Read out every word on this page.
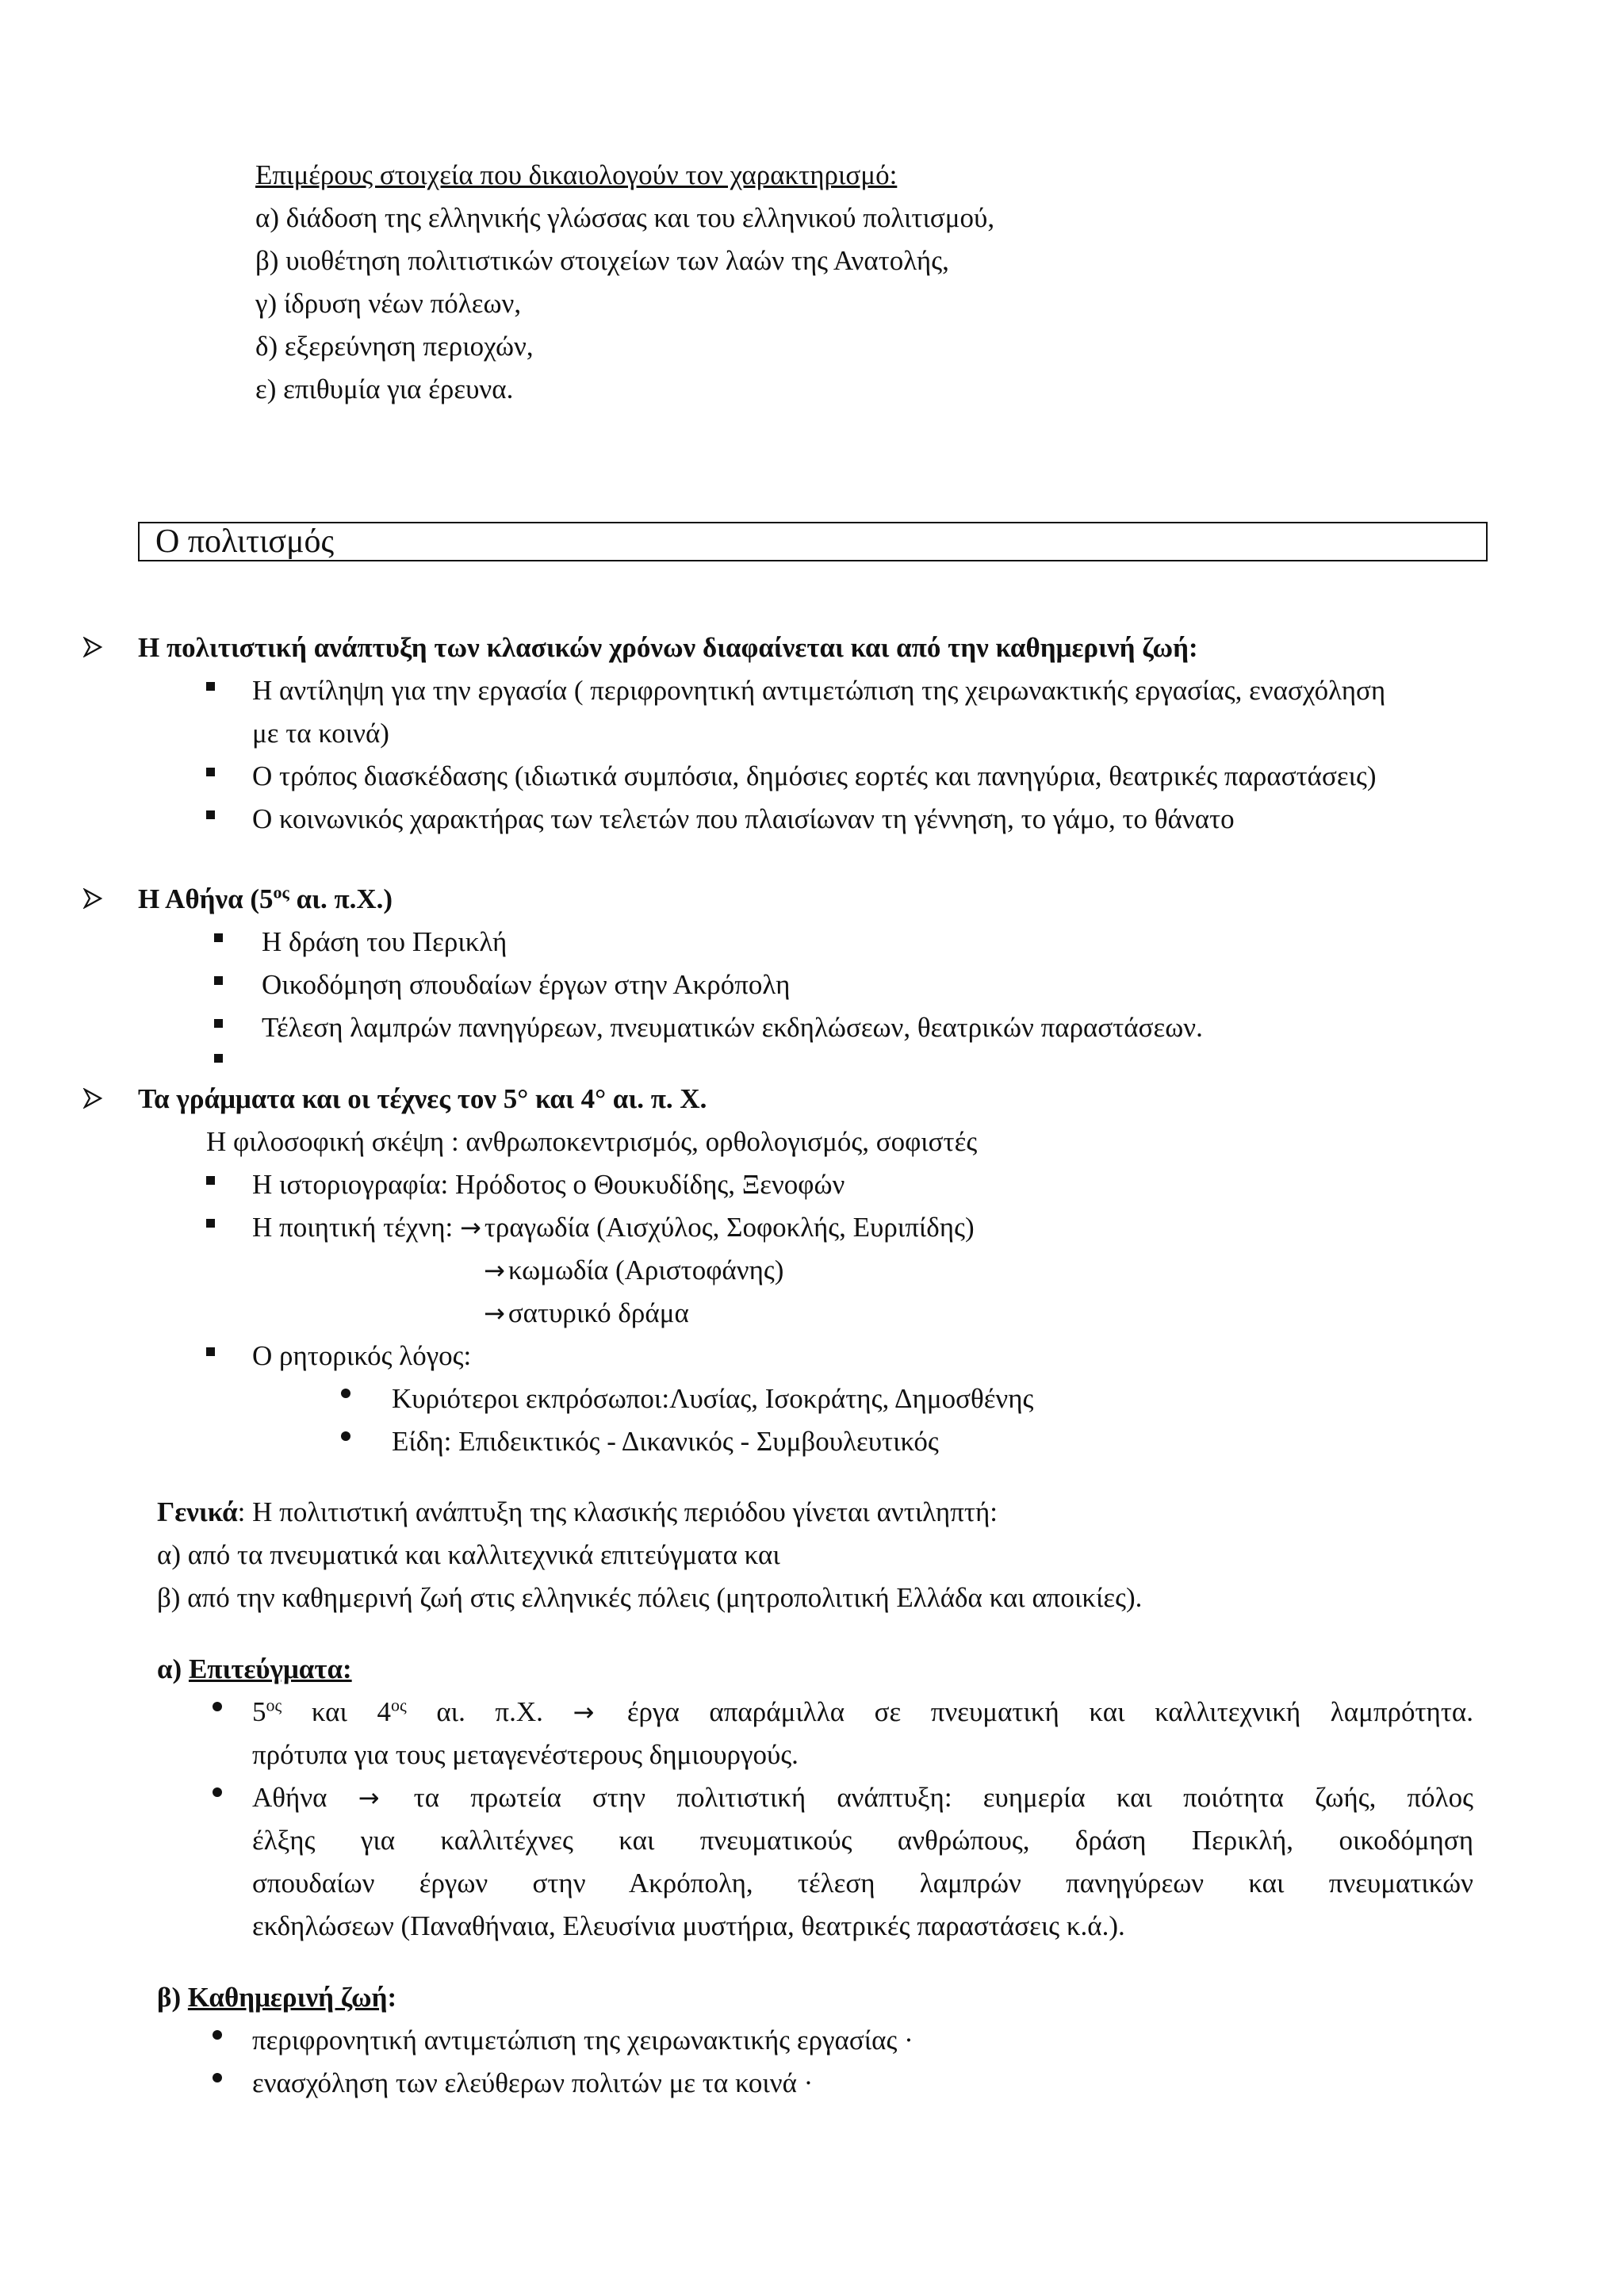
Επιμέρους στοιχεία που δικαιολογούν τον χαρακτηρισμό:
α) διάδοση της ελληνικής γλώσσας και του ελληνικού πολιτισμού,
β) υιοθέτηση πολιτιστικών στοιχείων των λαών της Ανατολής,
γ) ίδρυση νέων πόλεων,
δ) εξερεύνηση περιοχών,
ε) επιθυμία για έρευνα.
Ο πολιτισμός
Η πολιτιστική ανάπτυξη των κλασικών χρόνων διαφαίνεται και από την καθημερινή ζωή:
Η αντίληψη για την εργασία ( περιφρονητική αντιμετώπιση της χειρωνακτικής εργασίας, ενασχόληση
με τα κοινά)
Ο τρόπος διασκέδασης (ιδιωτικά συμπόσια, δημόσιες εορτές και πανηγύρια, θεατρικές παραστάσεις)
Ο κοινωνικός χαρακτήρας των τελετών που πλαισίωναν τη γέννηση, το γάμο, το θάνατο
Η Αθήνα ($5^{o\varsigma}$ αι. π.Χ.)
Η δράση του Περικλή
Οικοδόμηση σπουδαίων έργων στην Ακρόπολη
Τέλεση λαμπρών πανηγύρεων, πνευματικών εκδηλώσεων, θεατρικών παραστάσεων.
Τα γράμματα και οι τέχνες τον 5° και 4° αι. π. Χ.
Η φιλοσοφική σκέψη : ανθρωποκεντρισμός, ορθολογισμός, σοφιστές
Η ιστοριογραφία: Ηρόδοτος ο Θουκυδίδης, Ξενοφών
Η ποιητική τέχνη: → τραγωδία (Αισχύλος, Σοφοκλής, Ευριπίδης)
→ κωμωδία (Αριστοφάνης)
→ σατυρικό δράμα
Ο ρητορικός λόγος:
Κυριότεροι εκπρόσωποι:Λυσίας, Ισοκράτης, Δημοσθένης
Είδη: Επιδεικτικός - Δικανικός - Συμβουλευτικός
Γενικά: Η πολιτιστική ανάπτυξη της κλασικής περιόδου γίνεται αντιληπτή:
α) από τα πνευματικά και καλλιτεχνικά επιτεύγματα και
β) από την καθημερινή ζωή στις ελληνικές πόλεις (μητροπολιτική Ελλάδα και αποικίες).
α) Επιτεύγματα:
$5^{o\varsigma}$ και $4^{o\varsigma}$ αι. π.Χ. → έργα απαράμιλλα σε πνευματική και καλλιτεχνική λαμπρότητα.
πρότυπα για τους μεταγενέστερους δημιουργούς.
Αθήνα → τα πρωτεία στην πολιτιστική ανάπτυξη: ευημερία και ποιότητα ζωής, πόλος
έλξης για καλλιτέχνες και πνευματικούς ανθρώπους, δράση Περικλή, οικοδόμηση
σπουδαίων έργων στην Ακρόπολη, τέλεση λαμπρών πανηγύρεων και πνευματικών
εκδηλώσεων (Παναθήναια, Ελευσίνια μυστήρια, θεατρικές παραστάσεις κ.ά.).
β) Καθημερινή ζωή:
περιφρονητική αντιμετώπιση της χειρωνακτικής εργασίας ·
ενασχόληση των ελεύθερων πολιτών με τα κοινά ·
